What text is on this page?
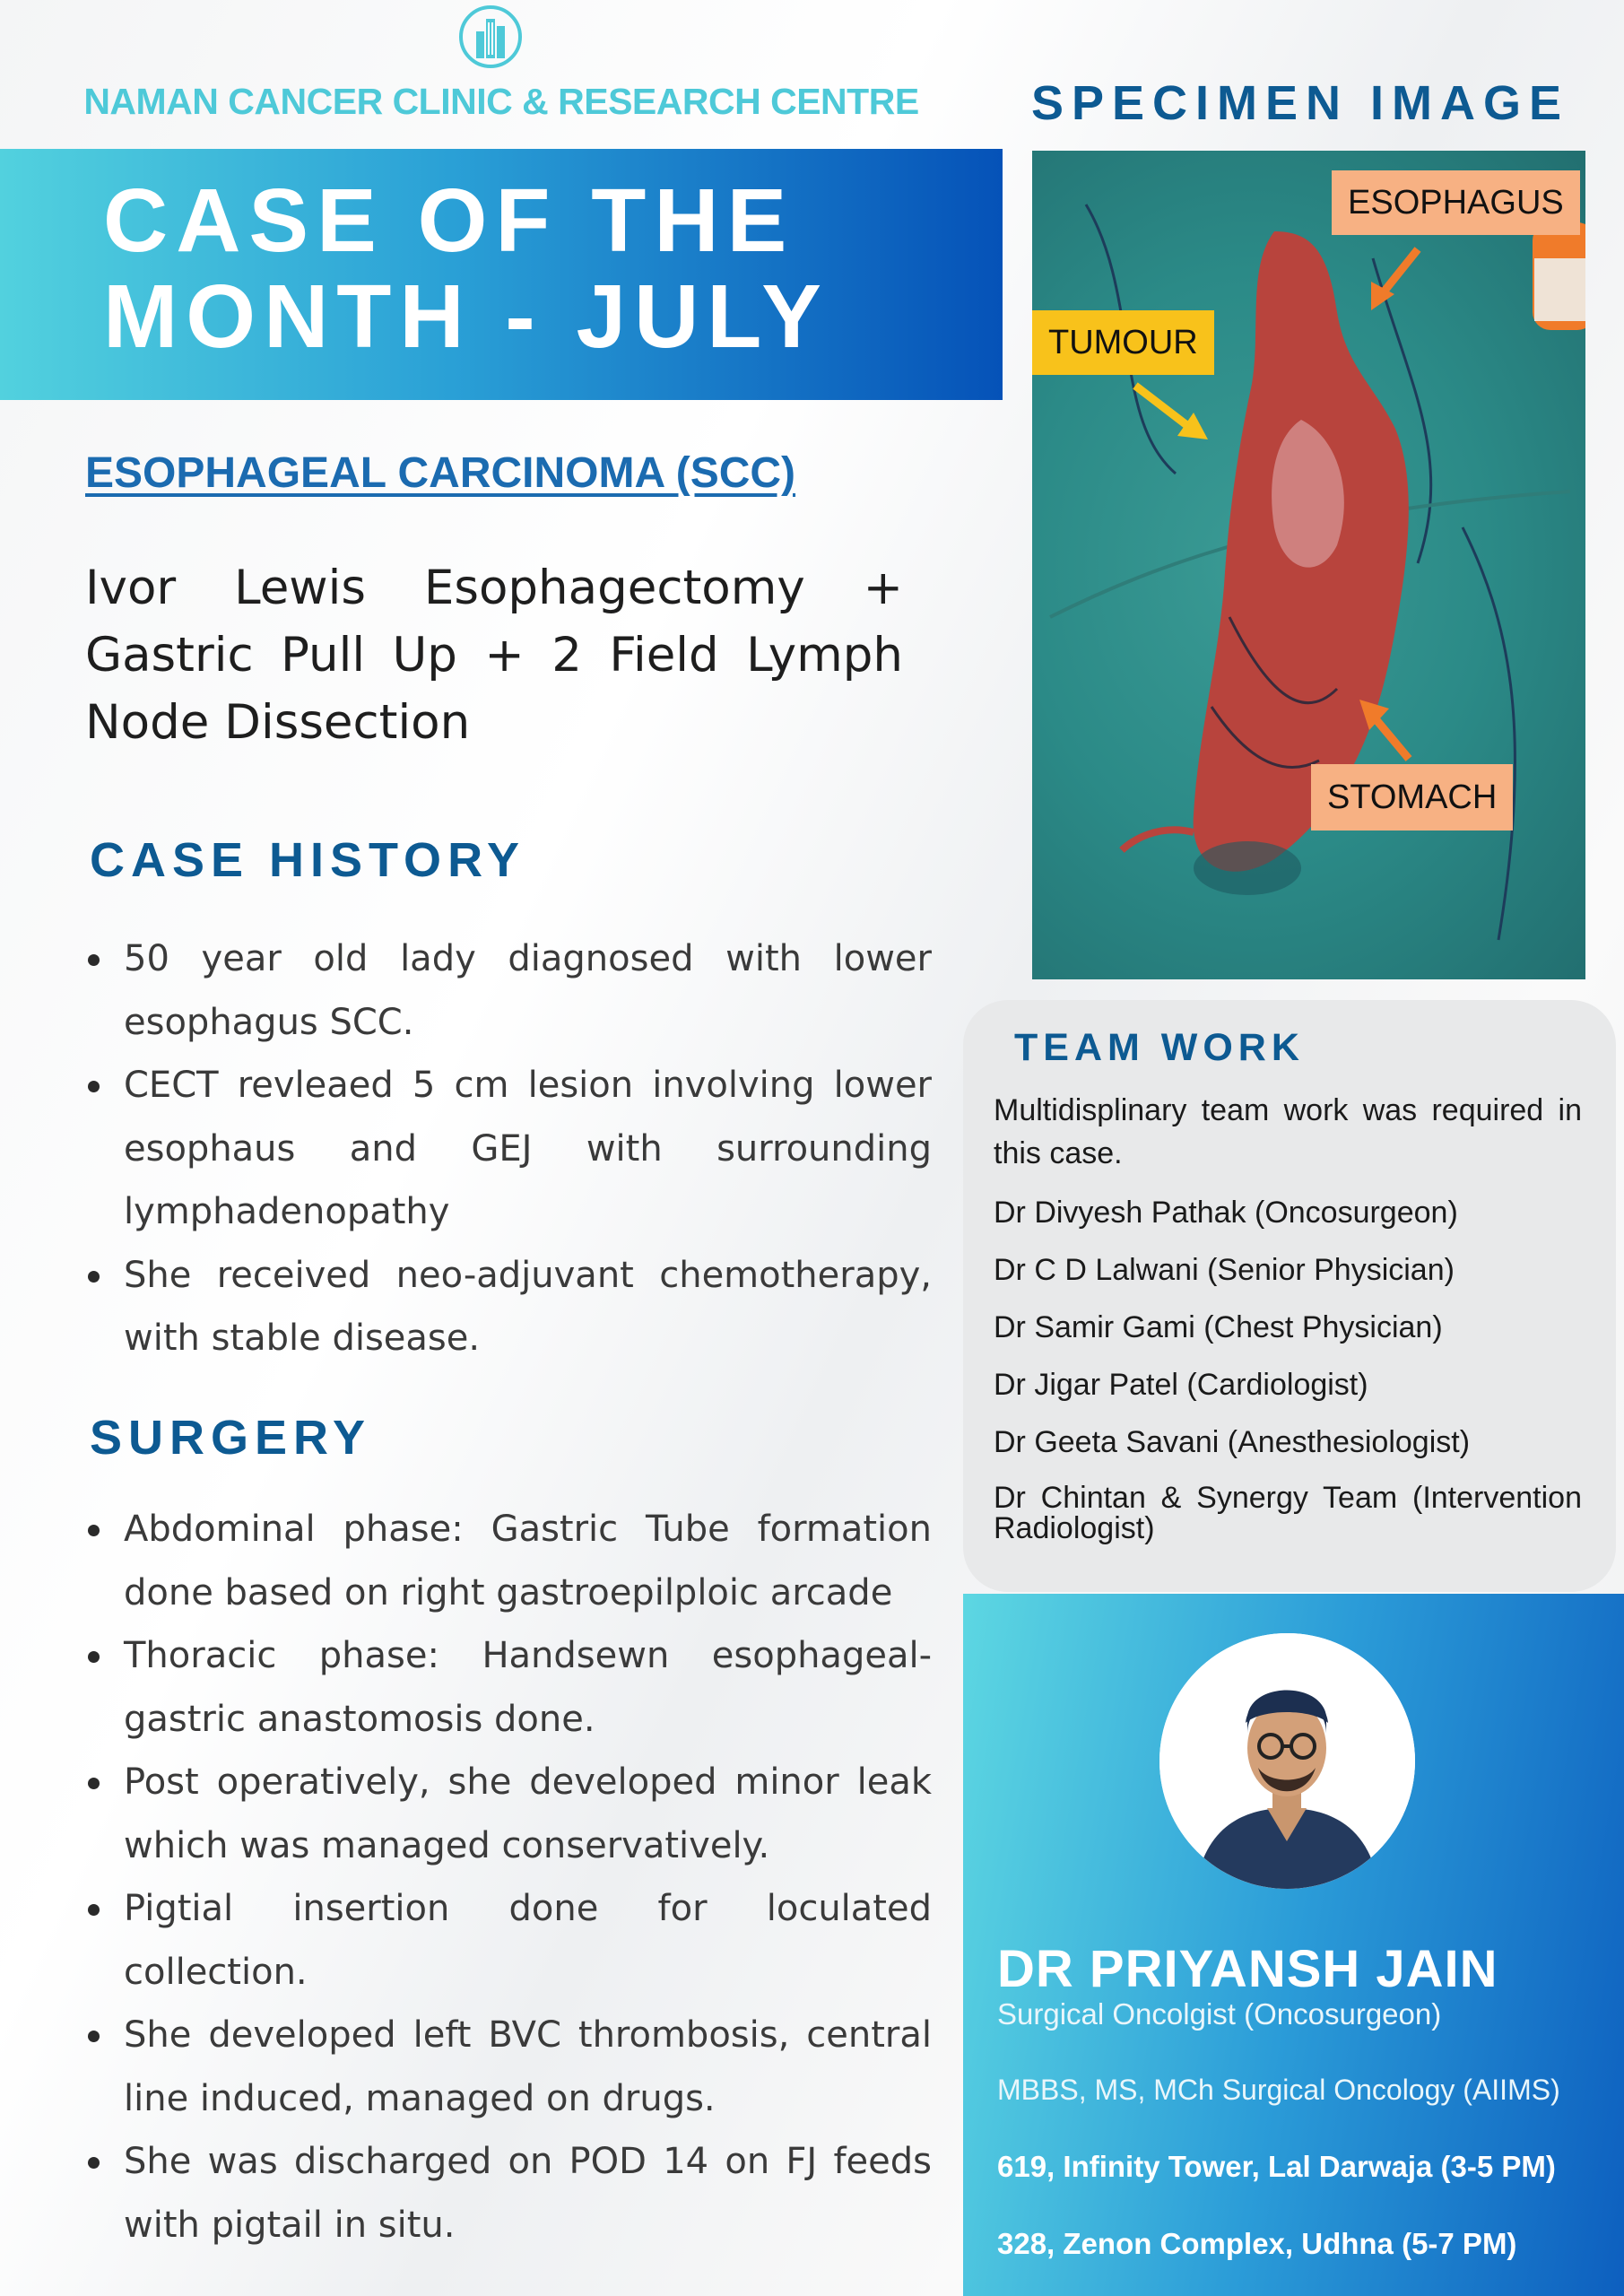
NAMAN CANCER CLINIC & RESEARCH CENTRE	SPECIMEN IMAGE
CASE OF THE
MONTH - JULY
ESOPHAGEAL CARCINOMA (SCC)
Ivor Lewis Esophagectomy + Gastric Pull Up + 2 Field Lymph Node Dissection
CASE HISTORY
50 year old lady diagnosed with lower esophagus SCC.
CECT revleaed 5 cm lesion involving lower esophaus and GEJ with surrounding lymphadenopathy
She received neo-adjuvant chemotherapy, with stable disease.
SURGERY
Abdominal phase: Gastric Tube formation done based on right gastroepilploic arcade
Thoracic phase: Handsewn esophageal-gastric anastomosis done.
Post operatively, she developed minor leak which was managed conservatively.
Pigtial insertion done for loculated collection.
She developed left BVC thrombosis, central line induced, managed on drugs.
She was discharged on POD 14 on FJ feeds with pigtail in situ.
ESOPHAGUS
TUMOUR
STOMACH
TEAM WORK
Multidisplinary team work was required in this case.
Dr Divyesh Pathak (Oncosurgeon)
Dr C D Lalwani (Senior Physician)
Dr Samir Gami (Chest Physician)
Dr Jigar Patel (Cardiologist)
Dr Geeta Savani (Anesthesiologist)
Dr Chintan & Synergy Team (Intervention Radiologist)
DR PRIYANSH JAIN
Surgical Oncolgist (Oncosurgeon)
MBBS, MS, MCh Surgical Oncology (AIIMS)
619, Infinity Tower, Lal Darwaja (3-5 PM)
328, Zenon Complex, Udhna (5-7 PM)
